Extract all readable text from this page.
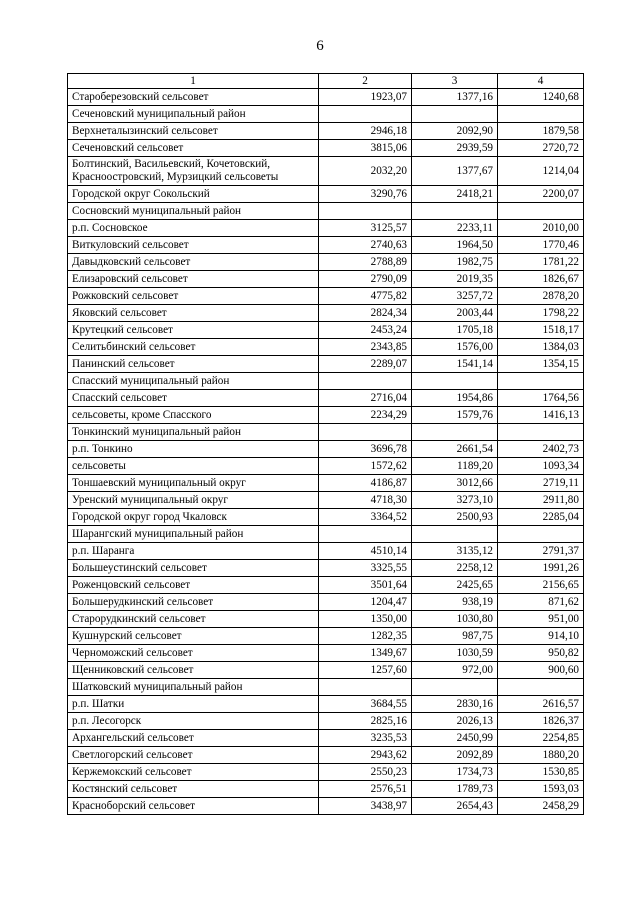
6
1	2	3	4
Староберезовский сельсовет	1923,07	1377,16	1240,68
Сеченовский муниципальный район			
Верхнеталызинский сельсовет	2946,18	2092,90	1879,58
Сеченовский сельсовет	3815,06	2939,59	2720,72
Болтинский, Васильевский, Кочетовский, Красноостровский, Мурзицкий сельсоветы	2032,20	1377,67	1214,04
Городской округ Сокольский	3290,76	2418,21	2200,07
Сосновский муниципальный район			
р.п. Сосновское	3125,57	2233,11	2010,00
Виткуловский сельсовет	2740,63	1964,50	1770,46
Давыдковский сельсовет	2788,89	1982,75	1781,22
Елизаровский сельсовет	2790,09	2019,35	1826,67
Рожковский сельсовет	4775,82	3257,72	2878,20
Яковский сельсовет	2824,34	2003,44	1798,22
Крутецкий сельсовет	2453,24	1705,18	1518,17
Селитьбинский сельсовет	2343,85	1576,00	1384,03
Панинский сельсовет	2289,07	1541,14	1354,15
Спасский муниципальный район			
Спасский сельсовет	2716,04	1954,86	1764,56
сельсоветы, кроме Спасского	2234,29	1579,76	1416,13
Тонкинский муниципальный район			
р.п. Тонкино	3696,78	2661,54	2402,73
сельсоветы	1572,62	1189,20	1093,34
Тоншаевский муниципальный округ	4186,87	3012,66	2719,11
Уренский муниципальный округ	4718,30	3273,10	2911,80
Городской округ город Чкаловск	3364,52	2500,93	2285,04
Шарангский муниципальный район			
р.п. Шаранга	4510,14	3135,12	2791,37
Большеустинский сельсовет	3325,55	2258,12	1991,26
Роженцовский сельсовет	3501,64	2425,65	2156,65
Большерудкинский сельсовет	1204,47	938,19	871,62
Старорудкинский сельсовет	1350,00	1030,80	951,00
Кушнурский сельсовет	1282,35	987,75	914,10
Черноможский сельсовет	1349,67	1030,59	950,82
Щенниковский сельсовет	1257,60	972,00	900,60
Шатковский муниципальный район			
р.п. Шатки	3684,55	2830,16	2616,57
р.п. Лесогорск	2825,16	2026,13	1826,37
Архангельский сельсовет	3235,53	2450,99	2254,85
Светлогорский сельсовет	2943,62	2092,89	1880,20
Кержемокский сельсовет	2550,23	1734,73	1530,85
Костянский сельсовет	2576,51	1789,73	1593,03
Красноборский сельсовет	3438,97	2654,43	2458,29
